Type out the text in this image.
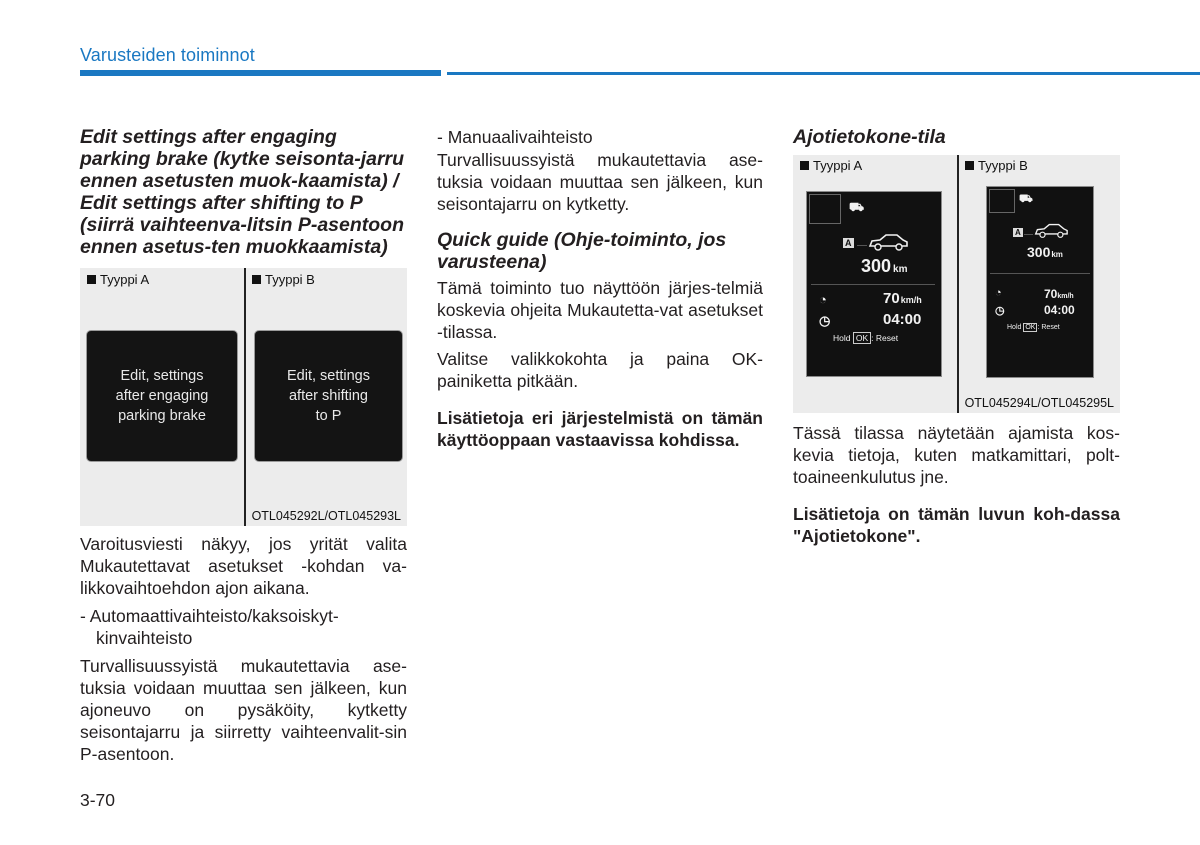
Varusteiden toiminnot

Edit settings after engaging parking brake (kytke seisonta-jarru ennen asetusten muok-kaamista) / Edit settings after shifting to P (siirrä vaihteenva-litsin P-asentoon ennen asetus-ten muokkaamista)

Tyyppi A	Tyyppi B
Edit, settings
after engaging
parking brake
Edit, settings
after shifting
to P
OTL045292L/OTL045293L

Varoitusviesti näkyy, jos yrität valita Mukautettavat asetukset -kohdan va-likkovaihtoehdon ajon aikana.

- Automaattivaihteisto/kaksoiskyt-kinvaihteisto

Turvallisuussyistä mukautettavia ase-tuksia voidaan muuttaa sen jälkeen, kun ajoneuvo on pysäköity, kytketty seisontajarru ja siirretty vaihteenvalit-sin P-asentoon.

- Manuaalivaihteisto

Turvallisuussyistä mukautettavia ase-tuksia voidaan muuttaa sen jälkeen, kun seisontajarru on kytketty.

Quick guide (Ohje-toiminto, jos varusteena)

Tämä toiminto tuo näyttöön järjes-telmiä koskevia ohjeita Mukautetta-vat asetukset -tilassa.

Valitse valikkokohta ja paina OK-painiketta pitkään.

Lisätietoja eri järjestelmistä on tämän käyttöoppaan vastaavissa kohdissa.

Ajotietokone-tila

Tyyppi A	Tyyppi B
⛟
A
300 km
◔	70km/h
◷	04:00
Hold OK : Reset
⛟
A
300km
◔	70km/h
◷	04:00
Hold OK : Reset
OTL045294L/OTL045295L

Tässä tilassa näytetään ajamista kos-kevia tietoja, kuten matkamittari, polt-toaineenkulutus jne.

Lisätietoja on tämän luvun koh-dassa "Ajotietokone".

3-70
